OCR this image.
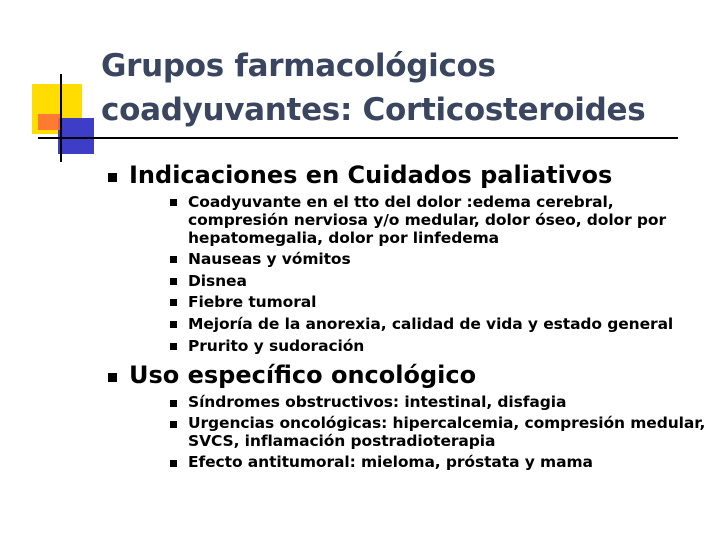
Grupos farmacológicos
coadyuvantes: Corticosteroides
Indicaciones en Cuidados paliativos
Coadyuvante en el tto del dolor :edema cerebral,
compresión nerviosa y/o medular, dolor óseo, dolor por
hepatomegalia, dolor por linfedema
Nauseas y vómitos
Disnea
Fiebre tumoral
Mejoría de la anorexia, calidad de vida y estado general
Prurito y sudoración
Uso específico oncológico
Síndromes obstructivos: intestinal, disfagia
Urgencias oncológicas: hipercalcemia, compresión medular,
SVCS, inflamación postradioterapia
Efecto antitumoral: mieloma, próstata y mama
